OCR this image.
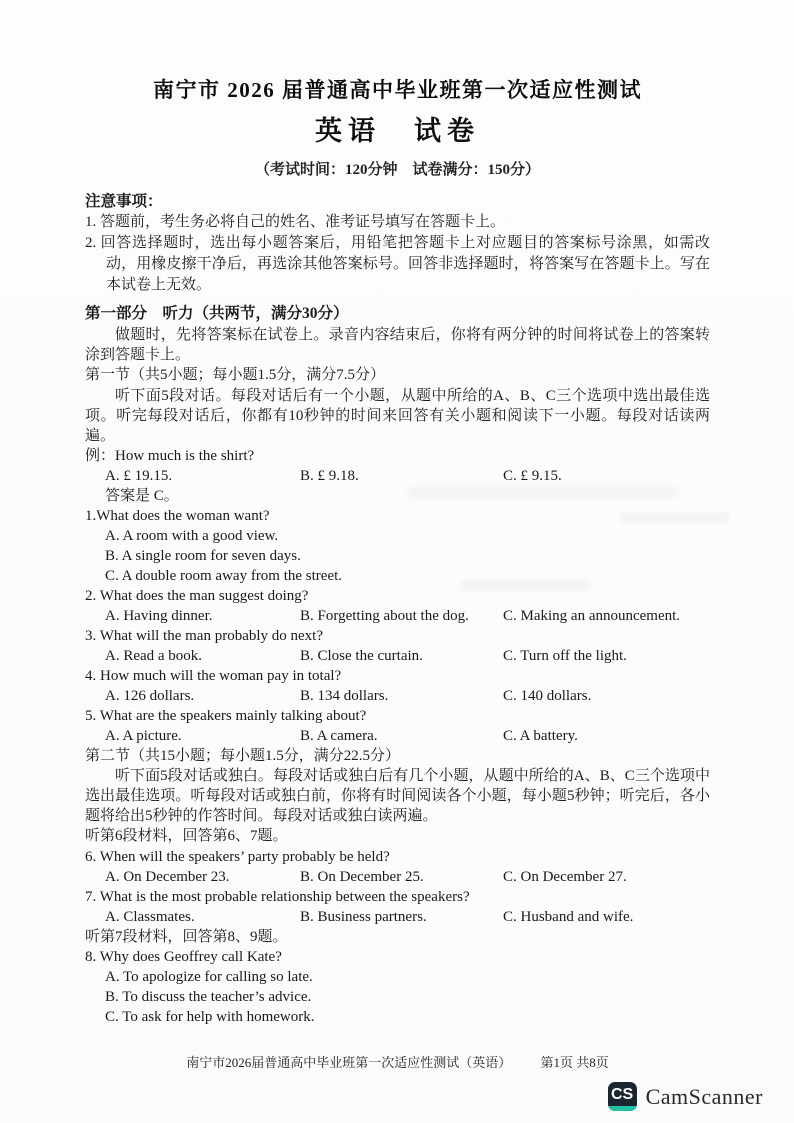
南宁市 2026 届普通高中毕业班第一次适应性测试
英语　试卷
（考试时间：120分钟　试卷满分：150分）
注意事项：
1. 答题前，考生务必将自己的姓名、准考证号填写在答题卡上。
2. 回答选择题时，选出每小题答案后，用铅笔把答题卡上对应题目的答案标号涂黑，如需改动，用橡皮擦干净后，再选涂其他答案标号。回答非选择题时，将答案写在答题卡上。写在本试卷上无效。
第一部分　听力（共两节，满分30分）
做题时，先将答案标在试卷上。录音内容结束后，你将有两分钟的时间将试卷上的答案转涂到答题卡上。
第一节（共5小题；每小题1.5分，满分7.5分）
听下面5段对话。每段对话后有一个小题，从题中所给的A、B、C三个选项中选出最佳选项。听完每段对话后，你都有10秒钟的时间来回答有关小题和阅读下一小题。每段对话读两遍。
例：How much is the shirt?
A. £ 19.15.	B. £ 9.18.	C. £ 9.15.
答案是 C。
1.What does the woman want?
A. A room with a good view.
B. A single room for seven days.
C. A double room away from the street.
2. What does the man suggest doing?
A. Having dinner.	B. Forgetting about the dog.	C. Making an announcement.
3. What will the man probably do next?
A. Read a book.	B. Close the curtain.	C. Turn off the light.
4. How much will the woman pay in total?
A. 126 dollars.	B. 134 dollars.	C. 140 dollars.
5. What are the speakers mainly talking about?
A. A picture.	B. A camera.	C. A battery.
第二节（共15小题；每小题1.5分，满分22.5分）
听下面5段对话或独白。每段对话或独白后有几个小题，从题中所给的A、B、C三个选项中选出最佳选项。听每段对话或独白前，你将有时间阅读各个小题，每小题5秒钟；听完后，各小题将给出5秒钟的作答时间。每段对话或独白读两遍。
听第6段材料，回答第6、7题。
6. When will the speakers’ party probably be held?
A. On December 23.	B. On December 25.	C. On December 27.
7. What is the most probable relationship between the speakers?
A. Classmates.	B. Business partners.	C. Husband and wife.
听第7段材料，回答第8、9题。
8. Why does Geoffrey call Kate?
A. To apologize for calling so late.
B. To discuss the teacher’s advice.
C. To ask for help with homework.
南宁市2026届普通高中毕业班第一次适应性测试（英语） 第1页 共8页
CS CamScanner
